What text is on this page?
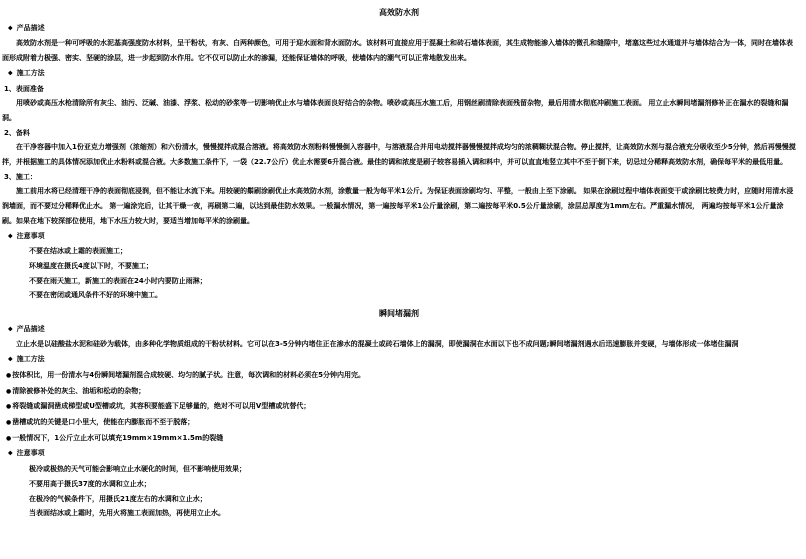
高效防水剂
◆ 产品描述

高效防水剂是一种可呼吸的水泥基高强度防水材料，呈干粉状，有灰、白两种颜色，可用于迎水面和背水面防水。该材料可直接应用于混凝土和砖石墙体表面，其生成物能渗入墙体的微孔和缝隙中，堵塞这些过水通道并与墙体结合为一体，同时在墙体表面形成附着力极强、密实、坚硬的涂层，进一步起到防水作用。它不仅可以防止水的渗漏，还能保证墙体的呼吸，使墙体内的潮气可以正常地散发出来。

◆ 施工方法
1、表面准备

用喷砂或高压水枪清除所有灰尘、油污、泛碱、油漆、浮浆、松动的砂浆等一切影响优止水与墙体表面良好结合的杂物。喷砂或高压水施工后，用钢丝刷清除表面残留杂物，最后用清水彻底冲刷施工表面。 用立止水瞬间堵漏剂修补正在漏水的裂缝和漏洞。

2、备料

在干净容器中加入1份亚克力增强剂（浓缩剂）和六份清水，慢慢搅拌成混合溶液。将高效防水剂粉料慢慢倒入容器中，与溶液混合并用电动搅拌器慢慢搅拌成均匀的浓稠糊状混合物。停止搅拌，让高效防水剂与混合液充分吸收至少5分钟，然后再慢慢搅拌，并根据施工的具体情况添加优止水粉料或混合液。大多数施工条件下，一袋（22.7公斤）优止水需要6升混合液。最佳的调和浓度是刷子较容易插入调和料中，并可以直直地竖立其中不至于倒下来，切忌过分稀释高效防水剂，确保每平米的最低用量。

3、施工：

施工前用水将已经清理干净的表面彻底浸润，但不能让水流下来。用较硬的鬃刷涂刷优止水高效防水剂，涂敷量一般为每平米1公斤。为保证表面涂刷均匀、平整，一般由上至下涂刷。 如果在涂刷过程中墙体表面变干或涂刷比较费力时，应随时用清水浸润墙面，而不要过分稀释优止水。 第一遍涂完后，让其干燥一夜，再刷第二遍，以达到最佳防水效果。一般漏水情况，第一遍按每平米1公斤量涂刷，第二遍按每平米0.5公斤量涂刷，涂层总厚度为1mm左右。严重漏水情况， 两遍均按每平米1公斤量涂刷。如果在地下较深部位使用，地下水压力较大时，要适当增加每平米的涂刷量。

◆ 注意事项
不要在结冰或上霜的表面施工；
环境温度在摄氏4度以下时，不要施工；
不要在雨天施工，新施工的表面在24小时内要防止雨淋；
不要在密闭或通风条件不好的环境中施工。
瞬间堵漏剂
◆ 产品描述

立止水是以硅酸盐水泥和硅砂为载体，由多种化学物质组成的干粉状材料。它可以在3-5分钟内堵住正在渗水的混凝土或砖石墙体上的漏洞，即使漏洞在水面以下也不成问题;瞬间堵漏剂遇水后迅速膨胀并变硬，与墙体形成一体堵住漏洞

◆ 施工方法
●按体积比，用一份清水与4份瞬间堵漏剂混合成较硬、均匀的腻子状。注意，每次调和的材料必须在5分钟内用完。
●清除被修补处的灰尘、油垢和松动的杂物；
●将裂缝或漏洞凿成梯型或U型槽或坑，其容积要能盛下足够量的，绝对不可以用V型槽或坑替代；
●凿槽或坑的关键是口小里大，使能在内膨胀而不至于脱落；
●一般情况下，1公斤立止水可以填充19mm×19mm×1.5m的裂缝
◆ 注意事项
极冷或极热的天气可能会影响立止水硬化的时间，但不影响使用效果；
不要用高于摄氏37度的水调和立止水；
在极冷的气候条件下，用摄氏21度左右的水调和立止水；
当表面结冰或上霜时，先用火将施工表面加热，再使用立止水。
